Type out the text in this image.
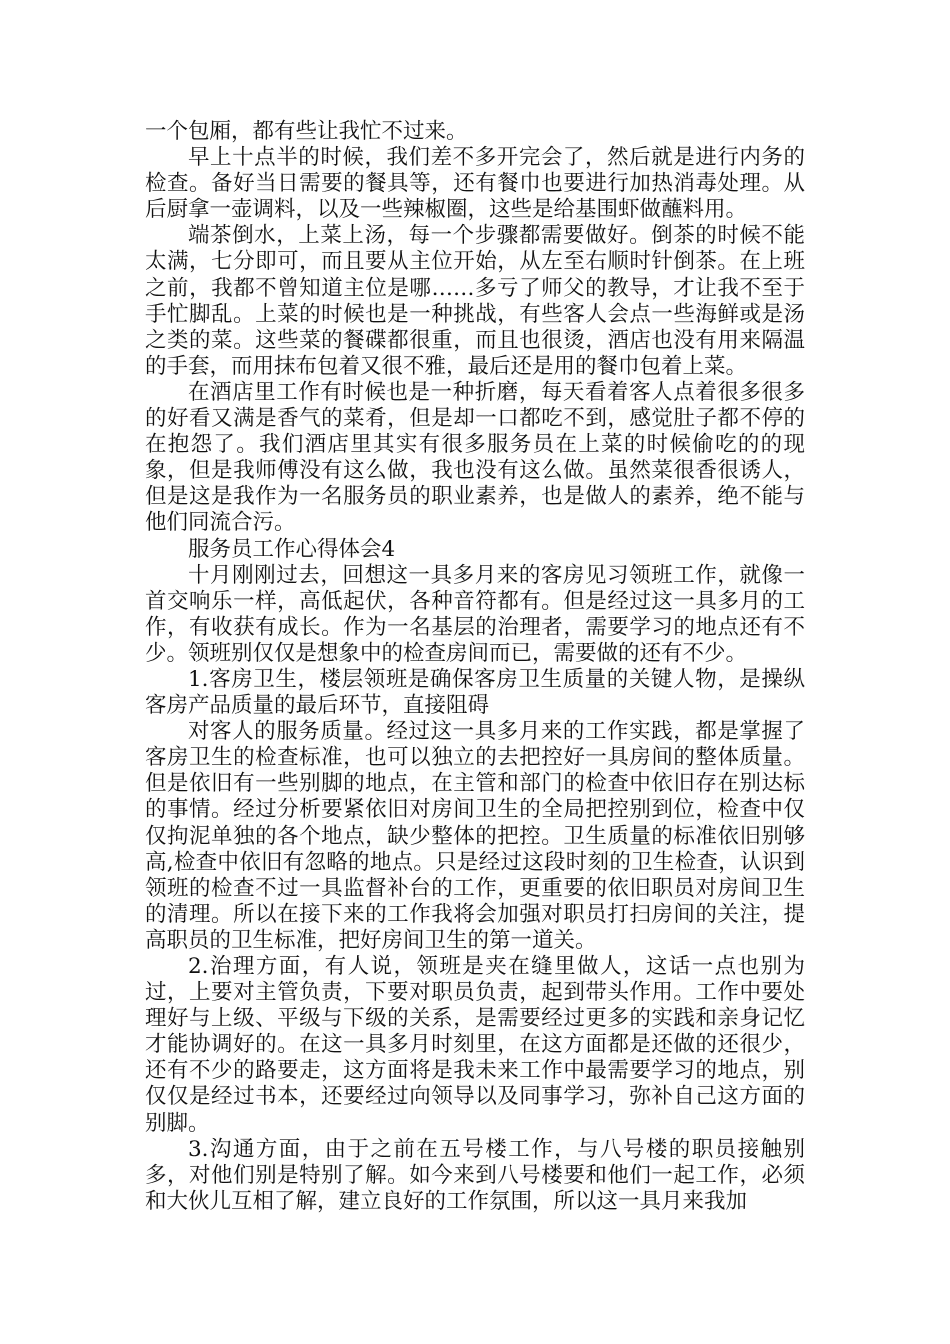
一个包厢，都有些让我忙不过来。

早上十点半的时候，我们差不多开完会了，然后就是进行内务的检查。备好当日需要的餐具等，还有餐巾也要进行加热消毒处理。从后厨拿一壶调料，以及一些辣椒圈，这些是给基围虾做蘸料用。

端茶倒水，上菜上汤，每一个步骤都需要做好。倒茶的时候不能太满，七分即可，而且要从主位开始，从左至右顺时针倒茶。在上班之前，我都不曾知道主位是哪……多亏了师父的教导，才让我不至于手忙脚乱。上菜的时候也是一种挑战，有些客人会点一些海鲜或是汤之类的菜。这些菜的餐碟都很重，而且也很烫，酒店也没有用来隔温的手套，而用抹布包着又很不雅，最后还是用的餐巾包着上菜。

在酒店里工作有时候也是一种折磨，每天看着客人点着很多很多的好看又满是香气的菜肴，但是却一口都吃不到，感觉肚子都不停的在抱怨了。我们酒店里其实有很多服务员在上菜的时候偷吃的的现象，但是我师傅没有这么做，我也没有这么做。虽然菜很香很诱人，但是这是我作为一名服务员的职业素养，也是做人的素养，绝不能与他们同流合污。

服务员工作心得体会4

十月刚刚过去，回想这一具多月来的客房见习领班工作，就像一首交响乐一样，高低起伏，各种音符都有。但是经过这一具多月的工作，有收获有成长。作为一名基层的治理者，需要学习的地点还有不少。领班别仅仅是想象中的检查房间而已，需要做的还有不少。

1.客房卫生，楼层领班是确保客房卫生质量的关键人物，是操纵客房产品质量的最后环节，直接阻碍

对客人的服务质量。经过这一具多月来的工作实践，都是掌握了客房卫生的检查标准，也可以独立的去把控好一具房间的整体质量。但是依旧有一些别脚的地点，在主管和部门的检查中依旧存在别达标的事情。经过分析要紧依旧对房间卫生的全局把控别到位，检查中仅仅拘泥单独的各个地点，缺少整体的把控。卫生质量的标准依旧别够高,检查中依旧有忽略的地点。只是经过这段时刻的卫生检查，认识到领班的检查不过一具监督补台的工作，更重要的依旧职员对房间卫生的清理。所以在接下来的工作我将会加强对职员打扫房间的关注，提高职员的卫生标准，把好房间卫生的第一道关。

2.治理方面，有人说，领班是夹在缝里做人，这话一点也别为过，上要对主管负责，下要对职员负责，起到带头作用。工作中要处理好与上级、平级与下级的关系，是需要经过更多的实践和亲身记忆才能协调好的。在这一具多月时刻里，在这方面都是还做的还很少，还有不少的路要走，这方面将是我未来工作中最需要学习的地点，别仅仅是经过书本，还要经过向领导以及同事学习，弥补自己这方面的别脚。

3.沟通方面，由于之前在五号楼工作，与八号楼的职员接触别多，对他们别是特别了解。如今来到八号楼要和他们一起工作，必须和大伙儿互相了解，建立良好的工作氛围，所以这一具月来我加
